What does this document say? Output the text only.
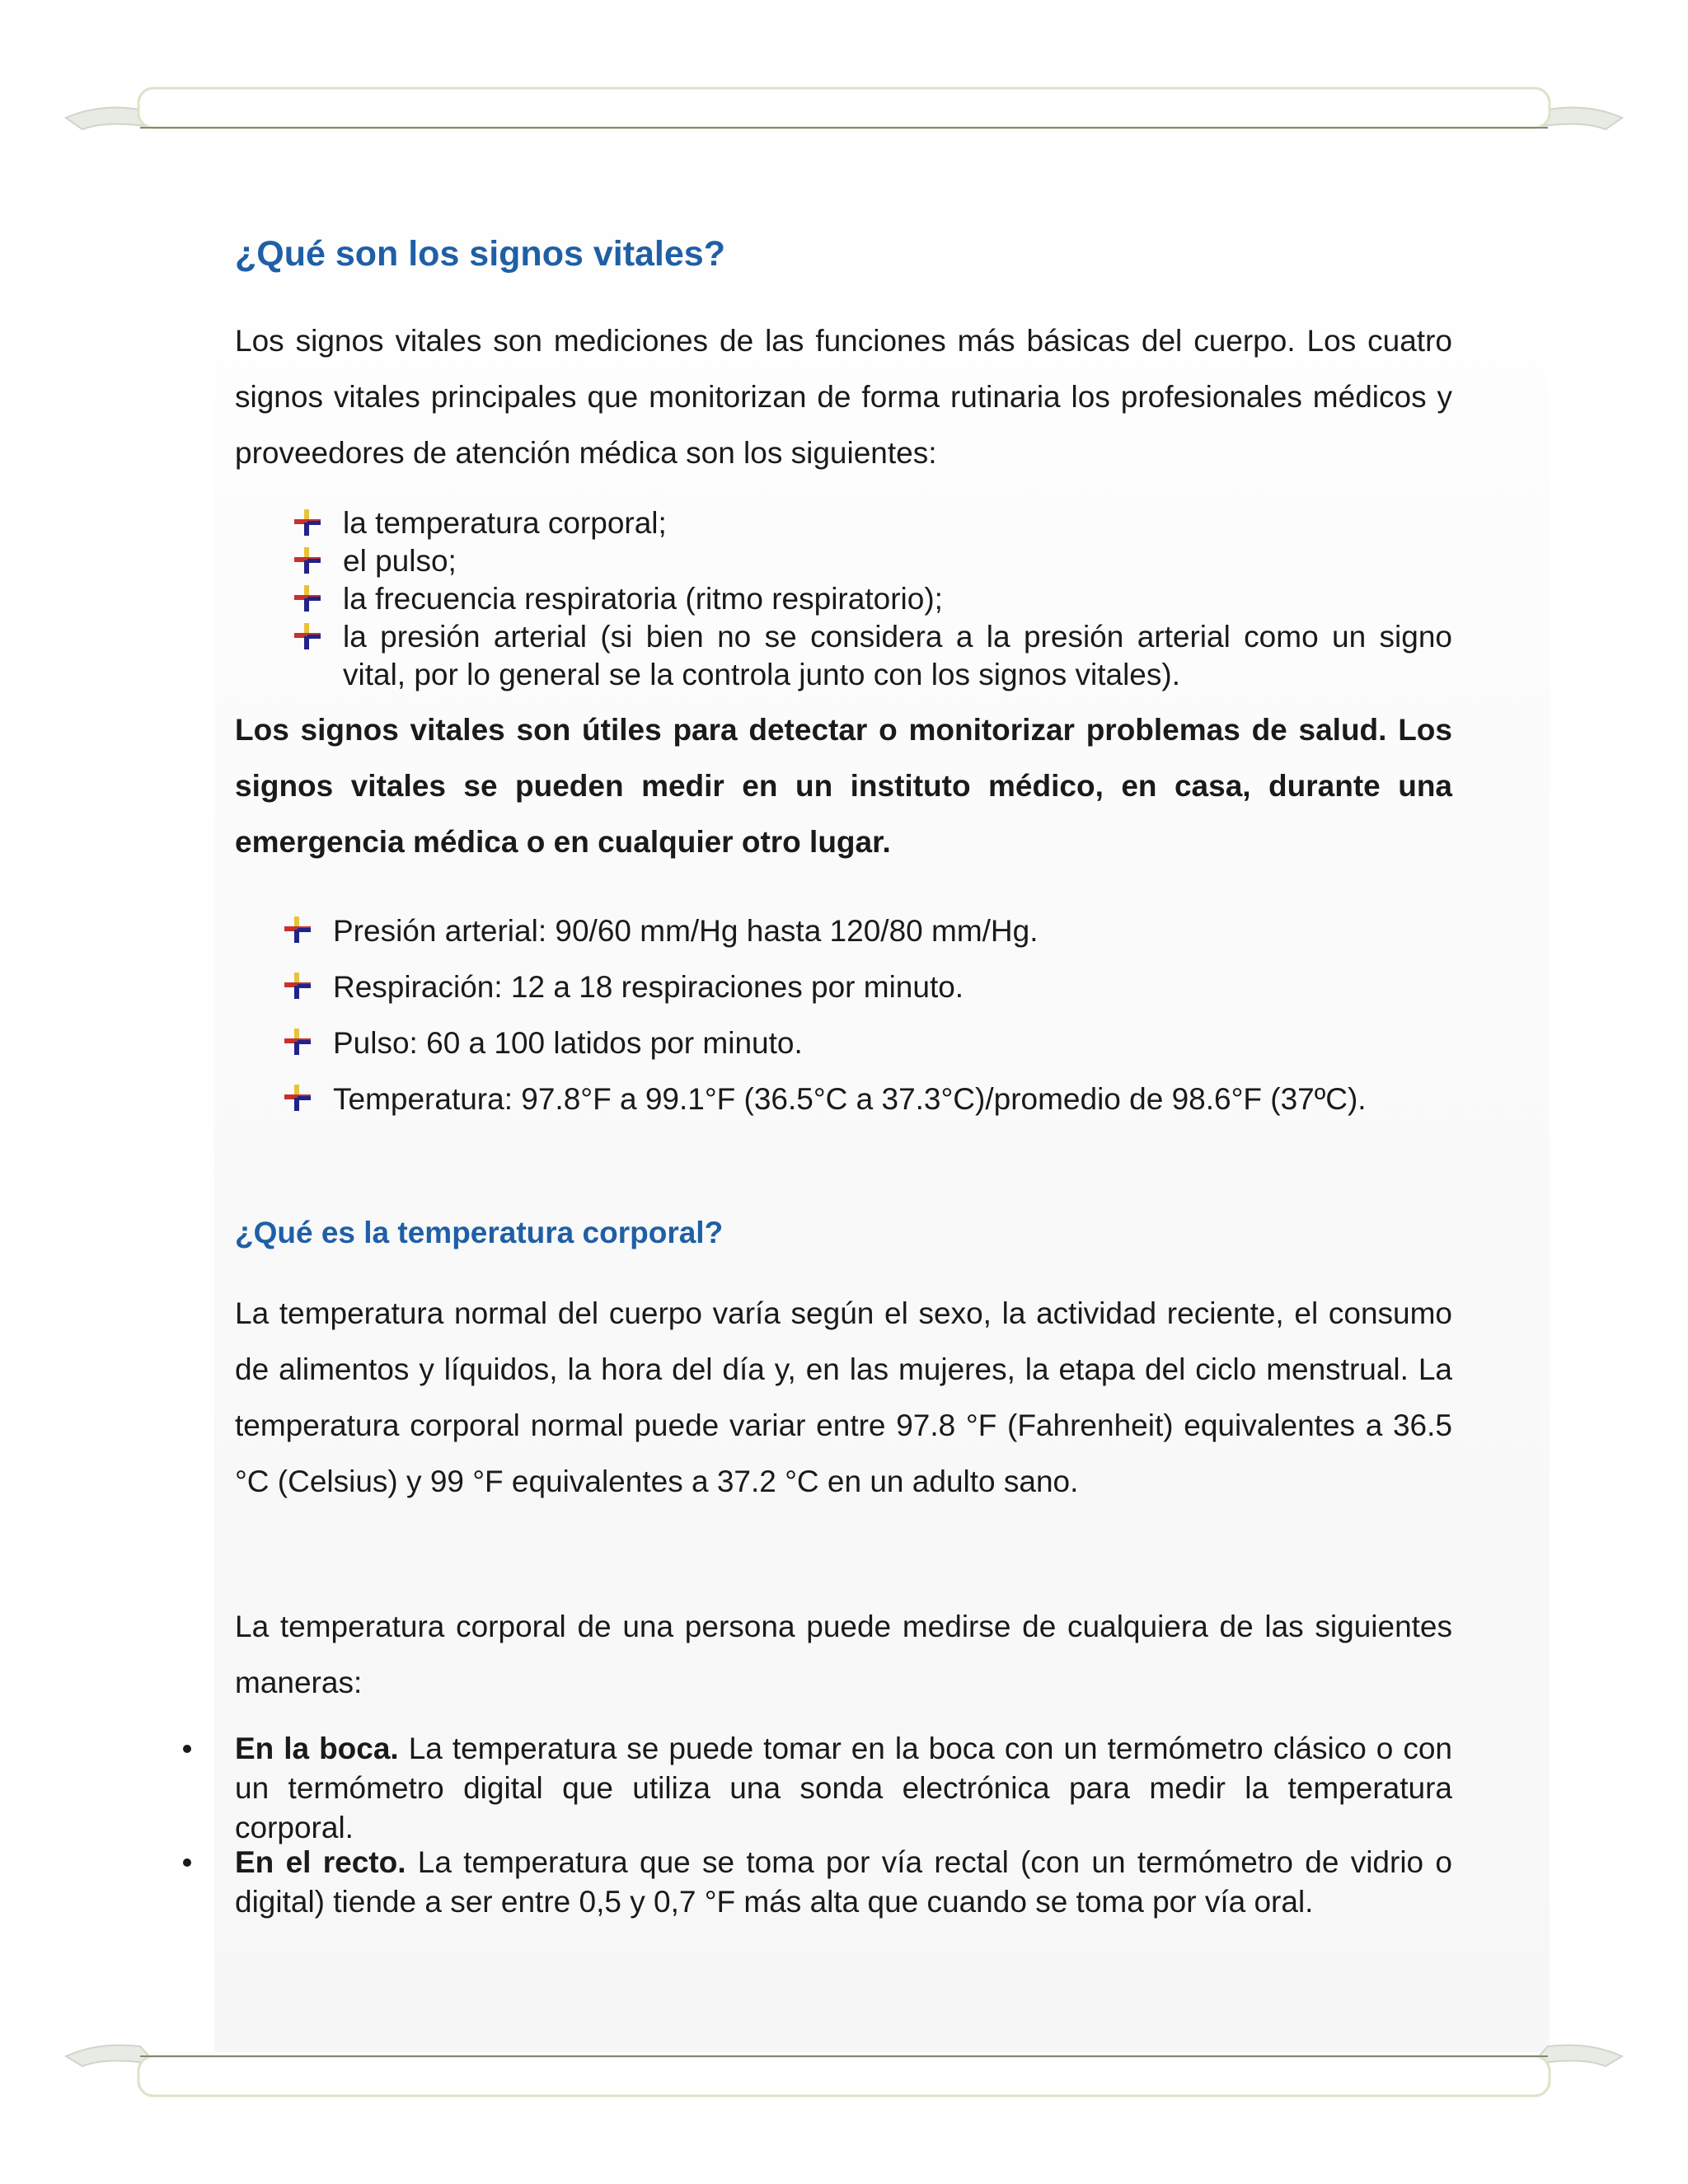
¿Qué son los signos vitales?

Los signos vitales son mediciones de las funciones más básicas del cuerpo. Los cuatro signos vitales principales que monitorizan de forma rutinaria los profesionales médicos y proveedores de atención médica son los siguientes:

la temperatura corporal;
el pulso;
la frecuencia respiratoria (ritmo respiratorio);
la presión arterial (si bien no se considera a la presión arterial como un signo vital, por lo general se la controla junto con los signos vitales).

Los signos vitales son útiles para detectar o monitorizar problemas de salud. Los signos vitales se pueden medir en un instituto médico, en casa, durante una emergencia médica o en cualquier otro lugar.

Presión arterial: 90/60 mm/Hg hasta 120/80 mm/Hg.
Respiración: 12 a 18 respiraciones por minuto.
Pulso: 60 a 100 latidos por minuto.
Temperatura: 97.8°F a 99.1°F (36.5°C a 37.3°C)/promedio de 98.6°F (37ºC).
¿Qué es la temperatura corporal?

La temperatura normal del cuerpo varía según el sexo, la actividad reciente, el consumo de alimentos y líquidos, la hora del día y, en las mujeres, la etapa del ciclo menstrual. La temperatura corporal normal puede variar entre 97.8 °F (Fahrenheit) equivalentes a 36.5 °C (Celsius) y 99 °F equivalentes a 37.2 °C en un adulto sano.

La temperatura corporal de una persona puede medirse de cualquiera de las siguientes maneras:

En la boca. La temperatura se puede tomar en la boca con un termómetro clásico o con un termómetro digital que utiliza una sonda electrónica para medir la temperatura corporal.
En el recto. La temperatura que se toma por vía rectal (con un termómetro de vidrio o digital) tiende a ser entre 0,5 y 0,7 °F más alta que cuando se toma por vía oral.
